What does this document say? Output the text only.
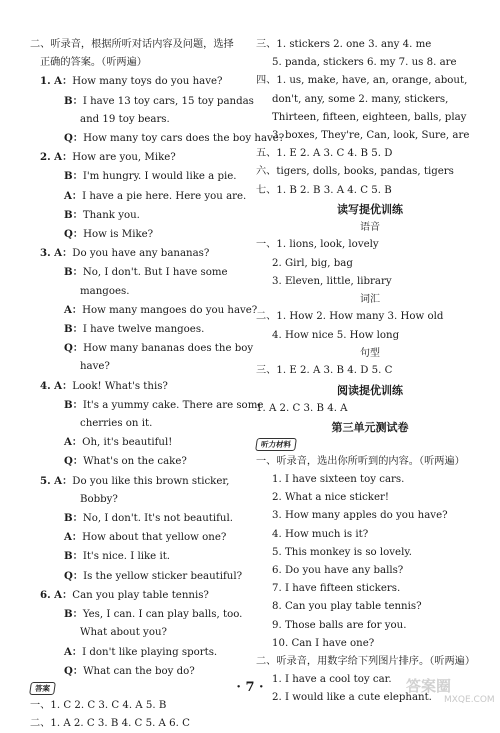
二、听录音，根据所听对话内容及问题，选择
正确的答案。（听两遍）
1. A：How many toys do you have?
B：I have 13 toy cars, 15 toy pandas
and 19 toy bears.
Q：How many toy cars does the boy have?
2. A：How are you, Mike?
B：I'm hungry. I would like a pie.
A：I have a pie here. Here you are.
B：Thank you.
Q：How is Mike?
3. A：Do you have any bananas?
B：No, I don't. But I have some
mangoes.
A：How many mangoes do you have?
B：I have twelve mangoes.
Q：How many bananas does the boy
have?
4. A：Look! What's this?
B：It's a yummy cake. There are some
cherries on it.
A：Oh, it's beautiful!
Q：What's on the cake?
5. A：Do you like this brown sticker,
Bobby?
B：No, I don't. It's not beautiful.
A：How about that yellow one?
B：It's nice. I like it.
Q：Is the yellow sticker beautiful?
6. A：Can you play table tennis?
B：Yes, I can. I can play balls, too.
What about you?
A：I don't like playing sports.
Q：What can the boy do?
答案
一、1. C 2. C 3. C 4. A 5. B
二、1. A 2. C 3. B 4. C 5. A 6. C
三、1. stickers 2. one 3. any 4. me
5. panda, stickers 6. my 7. us 8. are
四、1. us, make, have, an, orange, about,
don't, any, some 2. many, stickers,
Thirteen, fifteen, eighteen, balls, play
3. boxes, They're, Can, look, Sure, are
五、1. E 2. A 3. C 4. B 5. D
六、tigers, dolls, books, pandas, tigers
七、1. B 2. B 3. A 4. C 5. B
读写提优训练
语音
一、1. lions, look, lovely
2. Girl, big, bag
3. Eleven, little, library
词汇
二、1. How 2. How many 3. How old
4. How nice 5. How long
句型
三、1. E 2. A 3. B 4. D 5. C
阅读提优训练
1. A 2. C 3. B 4. A
第三单元测试卷
听力材料
一、听录音，选出你所听到的内容。（听两遍）
1. I have sixteen toy cars.
2. What a nice sticker!
3. How many apples do you have?
4. How much is it?
5. This monkey is so lovely.
6. Do you have any balls?
7. I have fifteen stickers.
8. Can you play table tennis?
9. Those balls are for you.
10. Can I have one?
二、听录音，用数字给下列图片排序。（听两遍）
1. I have a cool toy car.
2. I would like a cute elephant.
· 7 ·	答案圈
MXQE.COM
